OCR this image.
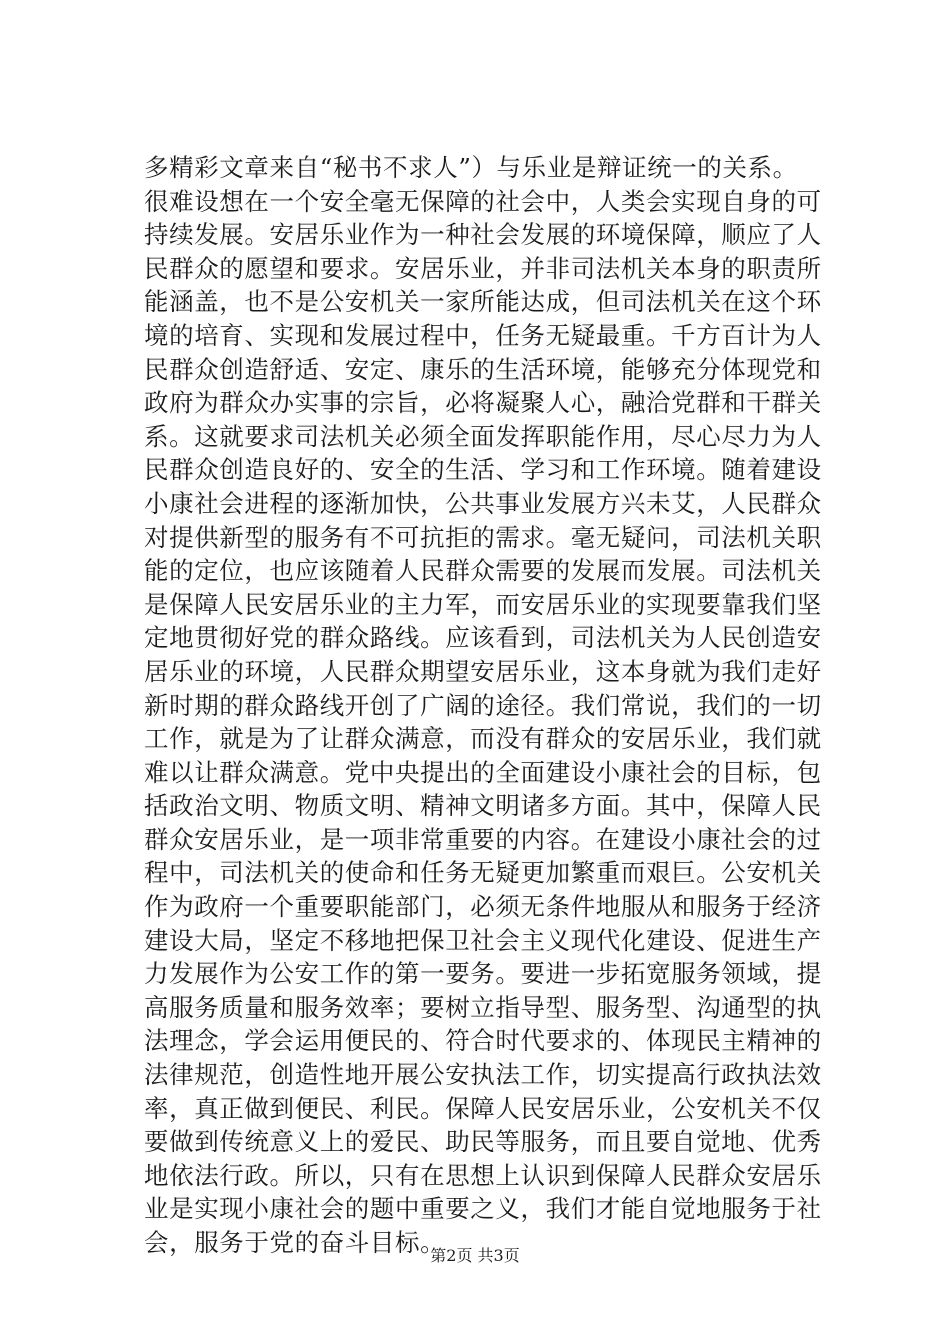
多精彩文章来自“秘书不求人”）与乐业是辩证统一的关系。
很难设想在一个安全毫无保障的社会中，人类会实现自身的可
持续发展。安居乐业作为一种社会发展的环境保障，顺应了人
民群众的愿望和要求。安居乐业，并非司法机关本身的职责所
能涵盖，也不是公安机关一家所能达成，但司法机关在这个环
境的培育、实现和发展过程中，任务无疑最重。千方百计为人
民群众创造舒适、安定、康乐的生活环境，能够充分体现党和
政府为群众办实事的宗旨，必将凝聚人心，融洽党群和干群关
系。这就要求司法机关必须全面发挥职能作用，尽心尽力为人
民群众创造良好的、安全的生活、学习和工作环境。随着建设
小康社会进程的逐渐加快，公共事业发展方兴未艾，人民群众
对提供新型的服务有不可抗拒的需求。毫无疑问，司法机关职
能的定位，也应该随着人民群众需要的发展而发展。司法机关
是保障人民安居乐业的主力军，而安居乐业的实现要靠我们坚
定地贯彻好党的群众路线。应该看到，司法机关为人民创造安
居乐业的环境，人民群众期望安居乐业，这本身就为我们走好
新时期的群众路线开创了广阔的途径。我们常说，我们的一切
工作，就是为了让群众满意，而没有群众的安居乐业，我们就
难以让群众满意。党中央提出的全面建设小康社会的目标，包
括政治文明、物质文明、精神文明诸多方面。其中，保障人民
群众安居乐业，是一项非常重要的内容。在建设小康社会的过
程中，司法机关的使命和任务无疑更加繁重而艰巨。公安机关
作为政府一个重要职能部门，必须无条件地服从和服务于经济
建设大局，坚定不移地把保卫社会主义现代化建设、促进生产
力发展作为公安工作的第一要务。要进一步拓宽服务领域，提
高服务质量和服务效率；要树立指导型、服务型、沟通型的执
法理念，学会运用便民的、符合时代要求的、体现民主精神的
法律规范，创造性地开展公安执法工作，切实提高行政执法效
率，真正做到便民、利民。保障人民安居乐业，公安机关不仅
要做到传统意义上的爱民、助民等服务，而且要自觉地、优秀
地依法行政。所以，只有在思想上认识到保障人民群众安居乐
业是实现小康社会的题中重要之义，我们才能自觉地服务于社
会，服务于党的奋斗目标。
第2页 共3页
